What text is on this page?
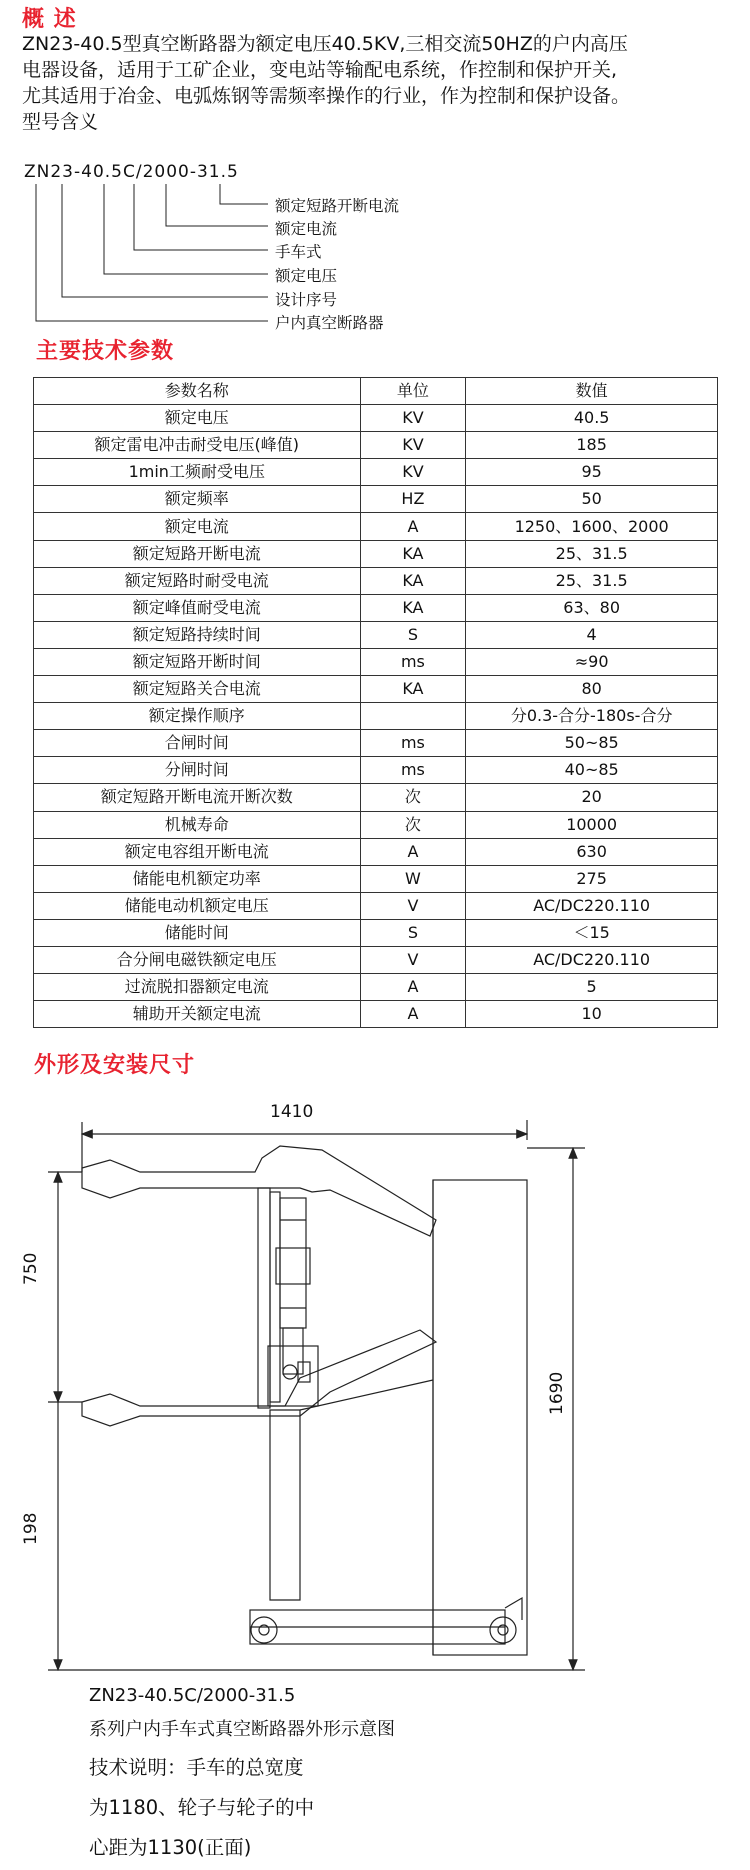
概 述
ZN23-40.5型真空断路器为额定电压40.5KV,三相交流50HZ的户内高压
电器设备，适用于工矿企业，变电站等输配电系统，作控制和保护开关,
尤其适用于冶金、电弧炼钢等需频率操作的行业，作为控制和保护设备。
型号含义
ZN23-40.5C/2000-31.5
额定短路开断电流
额定电流
手车式
额定电压
设计序号
户内真空断路器
主要技术参数
参数名称	单位	数值
额定电压	KV	40.5
额定雷电冲击耐受电压(峰值)	KV	185
1min工频耐受电压	KV	95
额定频率	HZ	50
额定电流	A	1250、1600、2000
额定短路开断电流	KA	25、31.5
额定短路时耐受电流	KA	25、31.5
额定峰值耐受电流	KA	63、80
额定短路持续时间	S	4
额定短路开断时间	ms	≈90
额定短路关合电流	KA	80
额定操作顺序		分0.3-合分-180s-合分
合闸时间	ms	50~85
分闸时间	ms	40~85
额定短路开断电流开断次数	次	20
机械寿命	次	10000
额定电容组开断电流	A	630
储能电机额定功率	W	275
储能电动机额定电压	V	AC/DC220.110
储能时间	S	＜15
合分闸电磁铁额定电压	V	AC/DC220.110
过流脱扣器额定电流	A	5
辅助开关额定电流	A	10
外形及安装尺寸
1410
750
198
1690
ZN23-40.5C/2000-31.5
系列户内手车式真空断路器外形示意图
技术说明：手车的总宽度
为1180、轮子与轮子的中
心距为1130(正面)
